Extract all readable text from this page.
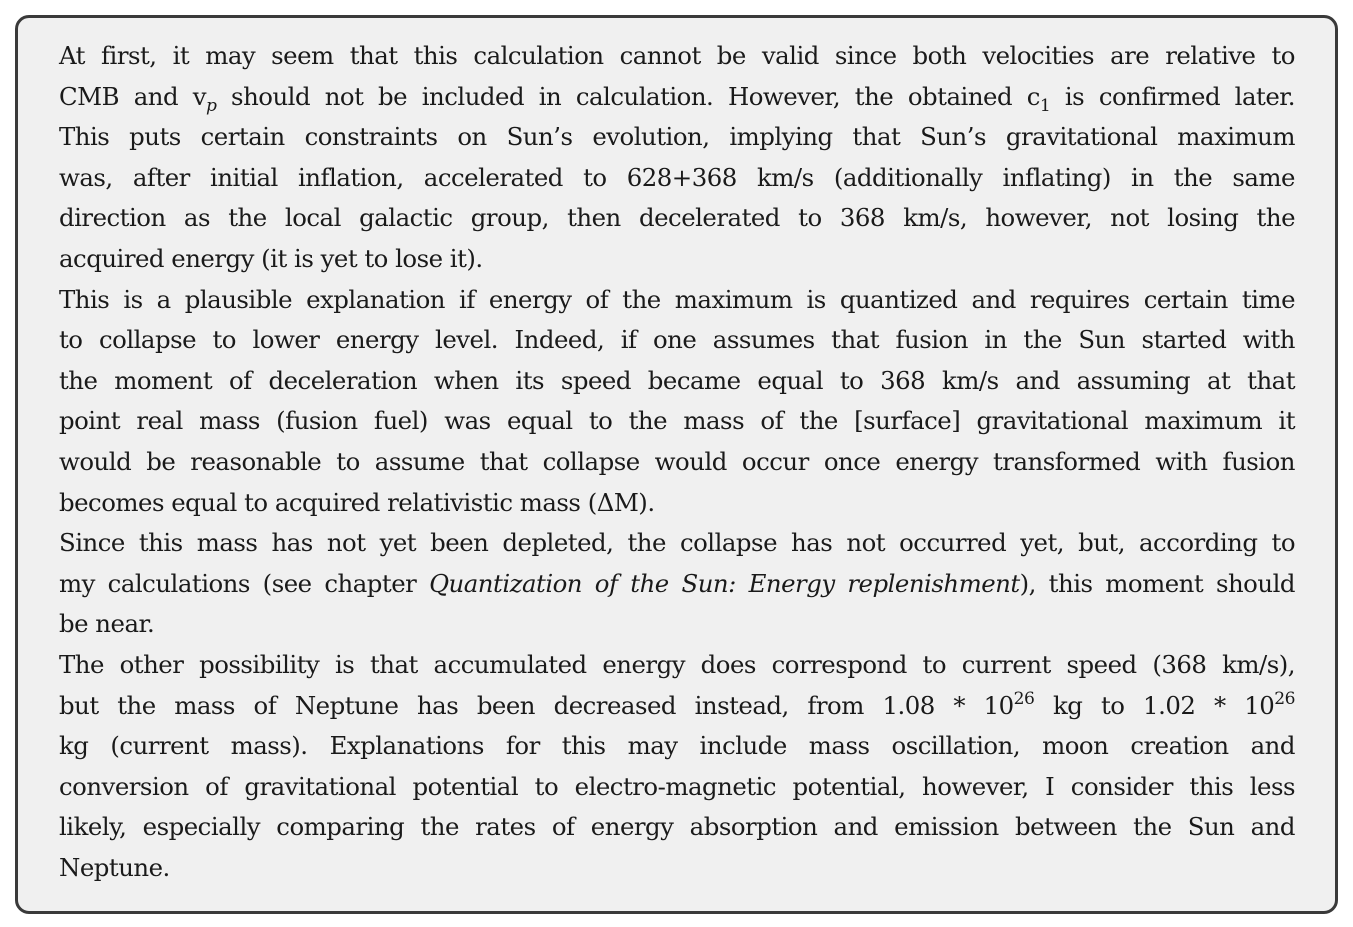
At first, it may seem that this calculation cannot be valid since both velocities are relative to
CMB and $v_p$ should not be included in calculation. However, the obtained $c_1$ is confirmed later.
This puts certain constraints on Sun’s evolution, implying that Sun’s gravitational maximum
was, after initial inflation, accelerated to 628+368 km/s (additionally inflating) in the same
direction as the local galactic group, then decelerated to 368 km/s, however, not losing the
acquired energy (it is yet to lose it).
This is a plausible explanation if energy of the maximum is quantized and requires certain time
to collapse to lower energy level. Indeed, if one assumes that fusion in the Sun started with
the moment of deceleration when its speed became equal to 368 km/s and assuming at that
point real mass (fusion fuel) was equal to the mass of the [surface] gravitational maximum it
would be reasonable to assume that collapse would occur once energy transformed with fusion
becomes equal to acquired relativistic mass (ΔM).
Since this mass has not yet been depleted, the collapse has not occurred yet, but, according to
my calculations (see chapter Quantization of the Sun: Energy replenishment), this moment should
be near.
The other possibility is that accumulated energy does correspond to current speed (368 km/s),
but the mass of Neptune has been decreased instead, from $1.08 * 10^{26}$ kg to $1.02 * 10^{26}$
kg (current mass). Explanations for this may include mass oscillation, moon creation and
conversion of gravitational potential to electro-magnetic potential, however, I consider this less
likely, especially comparing the rates of energy absorption and emission between the Sun and
Neptune.
